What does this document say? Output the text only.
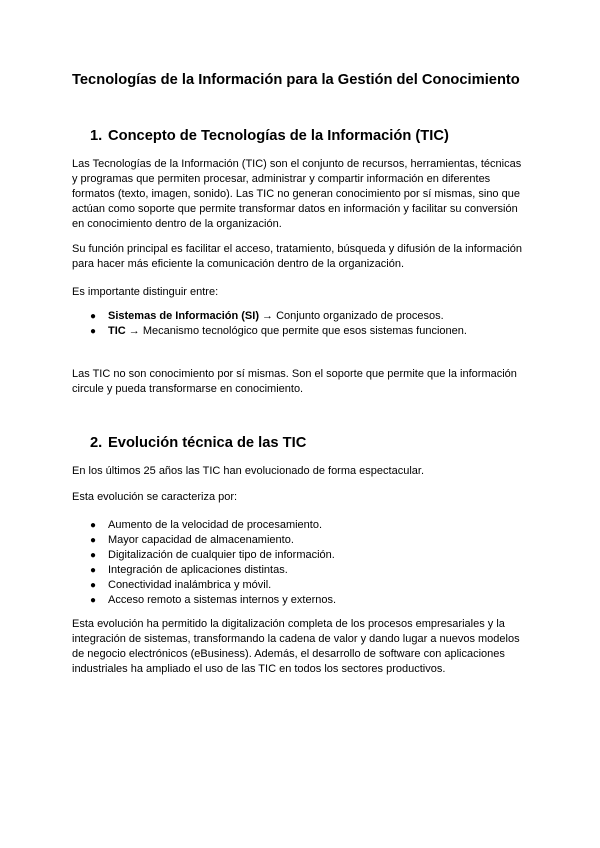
Tecnologías de la Información para la Gestión del Conocimiento
1. Concepto de Tecnologías de la Información (TIC)
Las Tecnologías de la Información (TIC) son el conjunto de recursos, herramientas, técnicas
y programas que permiten procesar, administrar y compartir información en diferentes
formatos (texto, imagen, sonido). Las TIC no generan conocimiento por sí mismas, sino que
actúan como soporte que permite transformar datos en información y facilitar su conversión
en conocimiento dentro de la organización.
Su función principal es facilitar el acceso, tratamiento, búsqueda y difusión de la información
para hacer más eficiente la comunicación dentro de la organización.

Es importante distinguir entre:

● Sistemas de Información (SI) → Conjunto organizado de procesos.
● TIC → Mecanismo tecnológico que permite que esos sistemas funcionen.
Las TIC no son conocimiento por sí mismas. Son el soporte que permite que la información
circule y pueda transformarse en conocimiento.
2. Evolución técnica de las TIC

En los últimos 25 años las TIC han evolucionado de forma espectacular.

Esta evolución se caracteriza por:

● Aumento de la velocidad de procesamiento.
● Mayor capacidad de almacenamiento.
● Digitalización de cualquier tipo de información.
● Integración de aplicaciones distintas.
● Conectividad inalámbrica y móvil.
● Acceso remoto a sistemas internos y externos.
Esta evolución ha permitido la digitalización completa de los procesos empresariales y la
integración de sistemas, transformando la cadena de valor y dando lugar a nuevos modelos
de negocio electrónicos (eBusiness). Además, el desarrollo de software con aplicaciones
industriales ha ampliado el uso de las TIC en todos los sectores productivos.
